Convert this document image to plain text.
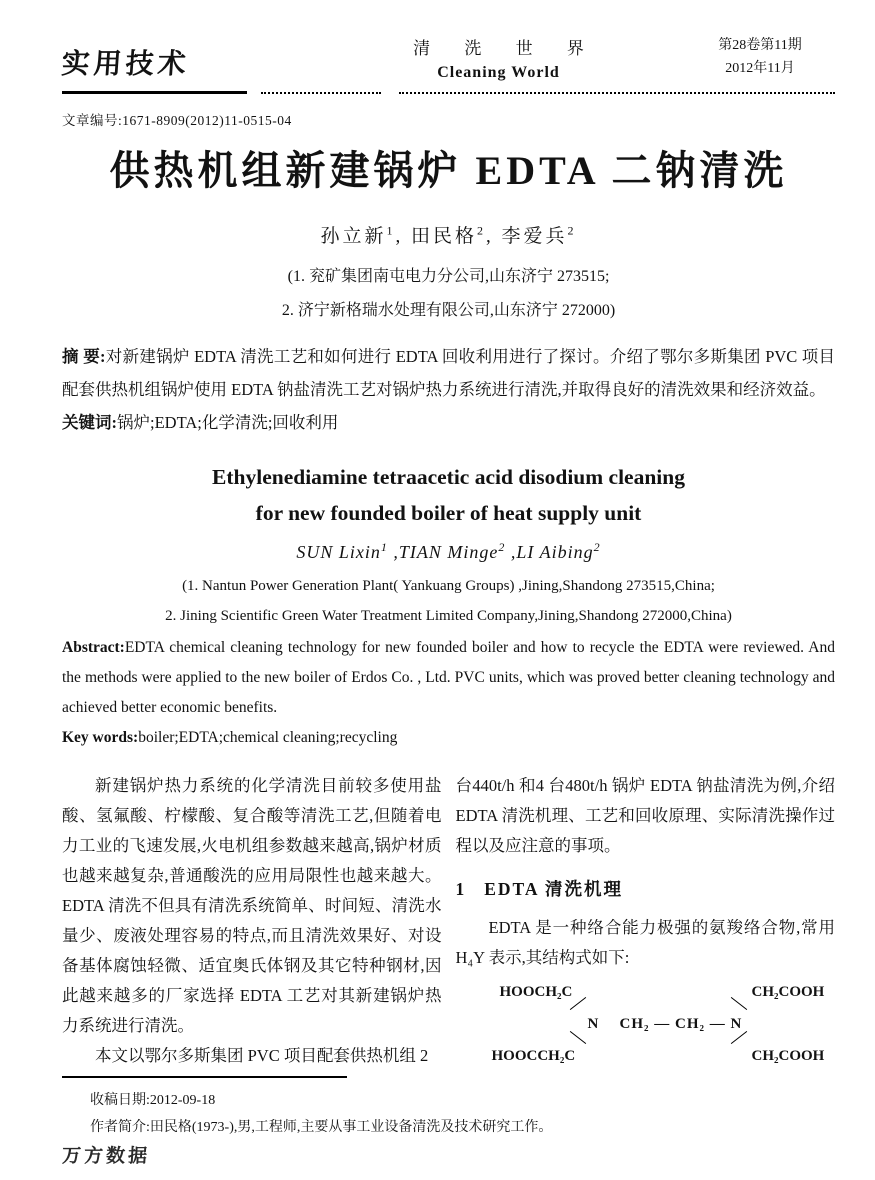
实用技术
清 洗 世 界
Cleaning World
第28卷第11期
2012年11月
文章编号:1671-8909(2012)11-0515-04
供热机组新建锅炉 EDTA 二钠清洗
孙立新$^1$, 田民格$^2$, 李爱兵$^2$
(1. 兖矿集团南屯电力分公司,山东济宁 273515;
2. 济宁新格瑞水处理有限公司,山东济宁 272000)
摘 要:对新建锅炉 EDTA 清洗工艺和如何进行 EDTA 回收利用进行了探讨。介绍了鄂尔多斯集团 PVC 项目配套供热机组锅炉使用 EDTA 钠盐清洗工艺对锅炉热力系统进行清洗,并取得良好的清洗效果和经济效益。
关键词:锅炉;EDTA;化学清洗;回收利用
Ethylenediamine tetraacetic acid disodium cleaning
for new founded boiler of heat supply unit
SUN Lixin$^1$ ,TIAN Minge$^2$ ,LI Aibing$^2$
(1. Nantun Power Generation Plant( Yankuang Groups) ,Jining,Shandong 273515,China;
2. Jining Scientific Green Water Treatment Limited Company,Jining,Shandong 272000,China)
Abstract:EDTA chemical cleaning technology for new founded boiler and how to recycle the EDTA were reviewed. And the methods were applied to the new boiler of Erdos Co. , Ltd. PVC units, which was proved better cleaning technology and achieved better economic benefits.
Key words:boiler;EDTA;chemical cleaning;recycling

新建锅炉热力系统的化学清洗目前较多使用盐酸、氢氟酸、柠檬酸、复合酸等清洗工艺,但随着电力工业的飞速发展,火电机组参数越来越高,锅炉材质也越来越复杂,普通酸洗的应用局限性也越来越大。EDTA 清洗不但具有清洗系统简单、时间短、清洗水量少、废液处理容易的特点,而且清洗效果好、对设备基体腐蚀轻微、适宜奥氏体钢及其它特种钢材,因此越来越多的厂家选择 EDTA 工艺对其新建锅炉热力系统进行清洗。

本文以鄂尔多斯集团 PVC 项目配套供热机组 2

台440t/h 和4 台480t/h 锅炉 EDTA 钠盐清洗为例,介绍 EDTA 清洗机理、工艺和回收原理、实际清洗操作过程以及应注意的事项。

1 EDTA 清洗机理

EDTA 是一种络合能力极强的氨羧络合物,常用 H₄Y 表示,其结构式如下:

HOOCH₂C
HOOCCH₂C
N CH₂ — CH₂ — N
CH₂COOH
CH₂COOH
收稿日期:2012-09-18
作者简介:田民格(1973-),男,工程师,主要从事工业设备清洗及技术研究工作。
万方数据
